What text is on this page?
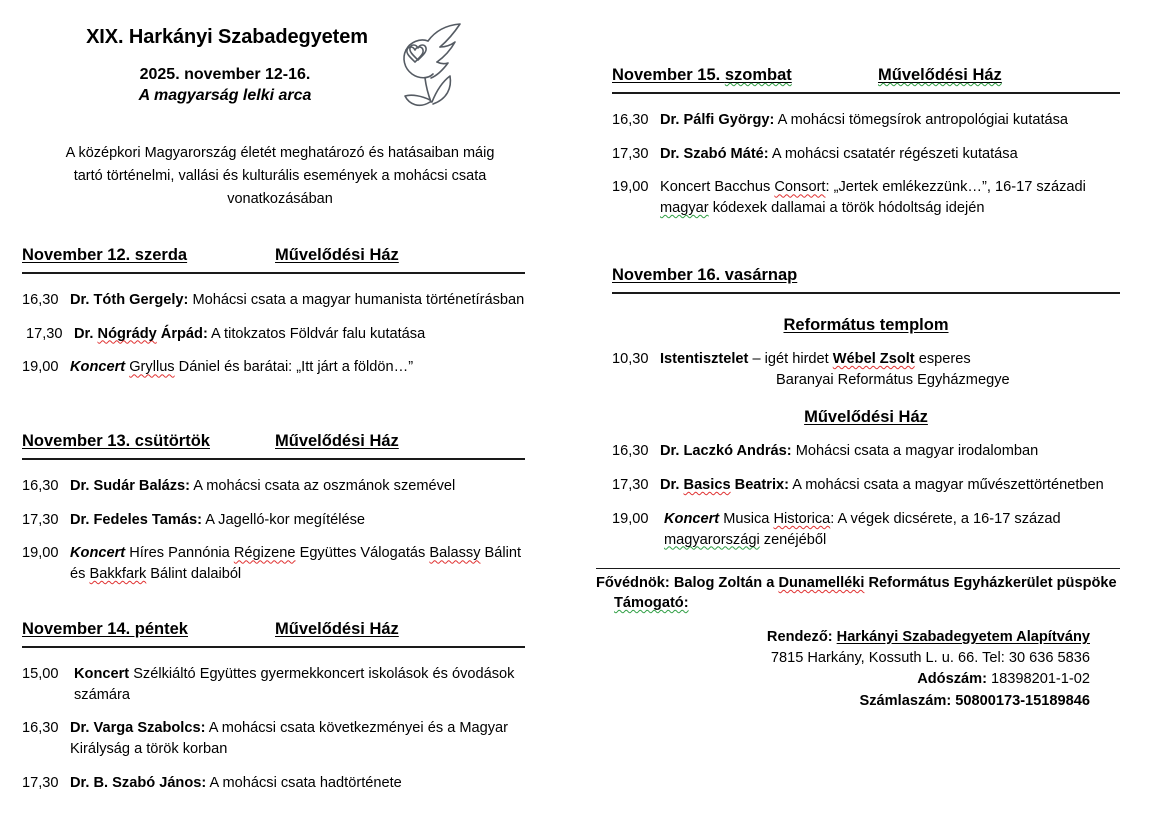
XIX. Harkányi Szabadegyetem
2025. november 12-16.
A magyarság lelki arca
A középkori Magyarország életét meghatározó és hatásaiban máig tartó történelmi, vallási és kulturális események a mohácsi csata vonatkozásában
November 12. szerda	Művelődési Ház
16,30 Dr. Tóth Gergely: Mohácsi csata a magyar humanista történetírásban
17,30 Dr. Nógrády Árpád: A titokzatos Földvár falu kutatása
19,00 Koncert Gryllus Dániel és barátai: „Itt járt a földön…”
November 13. csütörtök	Művelődési Ház
16,30 Dr. Sudár Balázs: A mohácsi csata az oszmánok szemével
17,30 Dr. Fedeles Tamás: A Jagelló-kor megítélése
19,00 Koncert Híres Pannónia Régizene Együttes Válogatás Balassy Bálint és Bakkfark Bálint dalaiból
November 14. péntek	Művelődési Ház
15,00	Koncert Szélkiáltó Együttes gyermekkoncert iskolások és óvodások számára
16,30 Dr. Varga Szabolcs: A mohácsi csata következményei és a Magyar Királyság a török korban
17,30 Dr. B. Szabó János: A mohácsi csata hadtörténete
November 15. szombat	Művelődési Ház
16,30 Dr. Pálfi György: A mohácsi tömegsírok antropológiai kutatása
17,30 Dr. Szabó Máté: A mohácsi csatatér régészeti kutatása
19,00 Koncert Bacchus Consort: „Jertek emlékezzünk…”, 16-17 századi magyar kódexek dallamai a török hódoltság idején
November 16. vasárnap
Református templom
10,30 Istentisztelet – igét hirdet Wébel Zsolt esperes
Baranyai Református Egyházmegye
Művelődési Ház
16,30 Dr. Laczkó András: Mohácsi csata a magyar irodalomban
17,30 Dr. Basics Beatrix: A mohácsi csata a magyar művészettörténetben
19,00	Koncert Musica Historica: A végek dicsérete, a 16-17 század magyarországi zenéjéből
Fővédnök: Balog Zoltán a Dunamelléki Református Egyházkerület püspöke
Támogató:
Rendező: Harkányi Szabadegyetem Alapítvány
7815 Harkány, Kossuth L. u. 66. Tel: 30 636 5836
Adószám: 18398201-1-02
Számlaszám: 50800173-15189846
